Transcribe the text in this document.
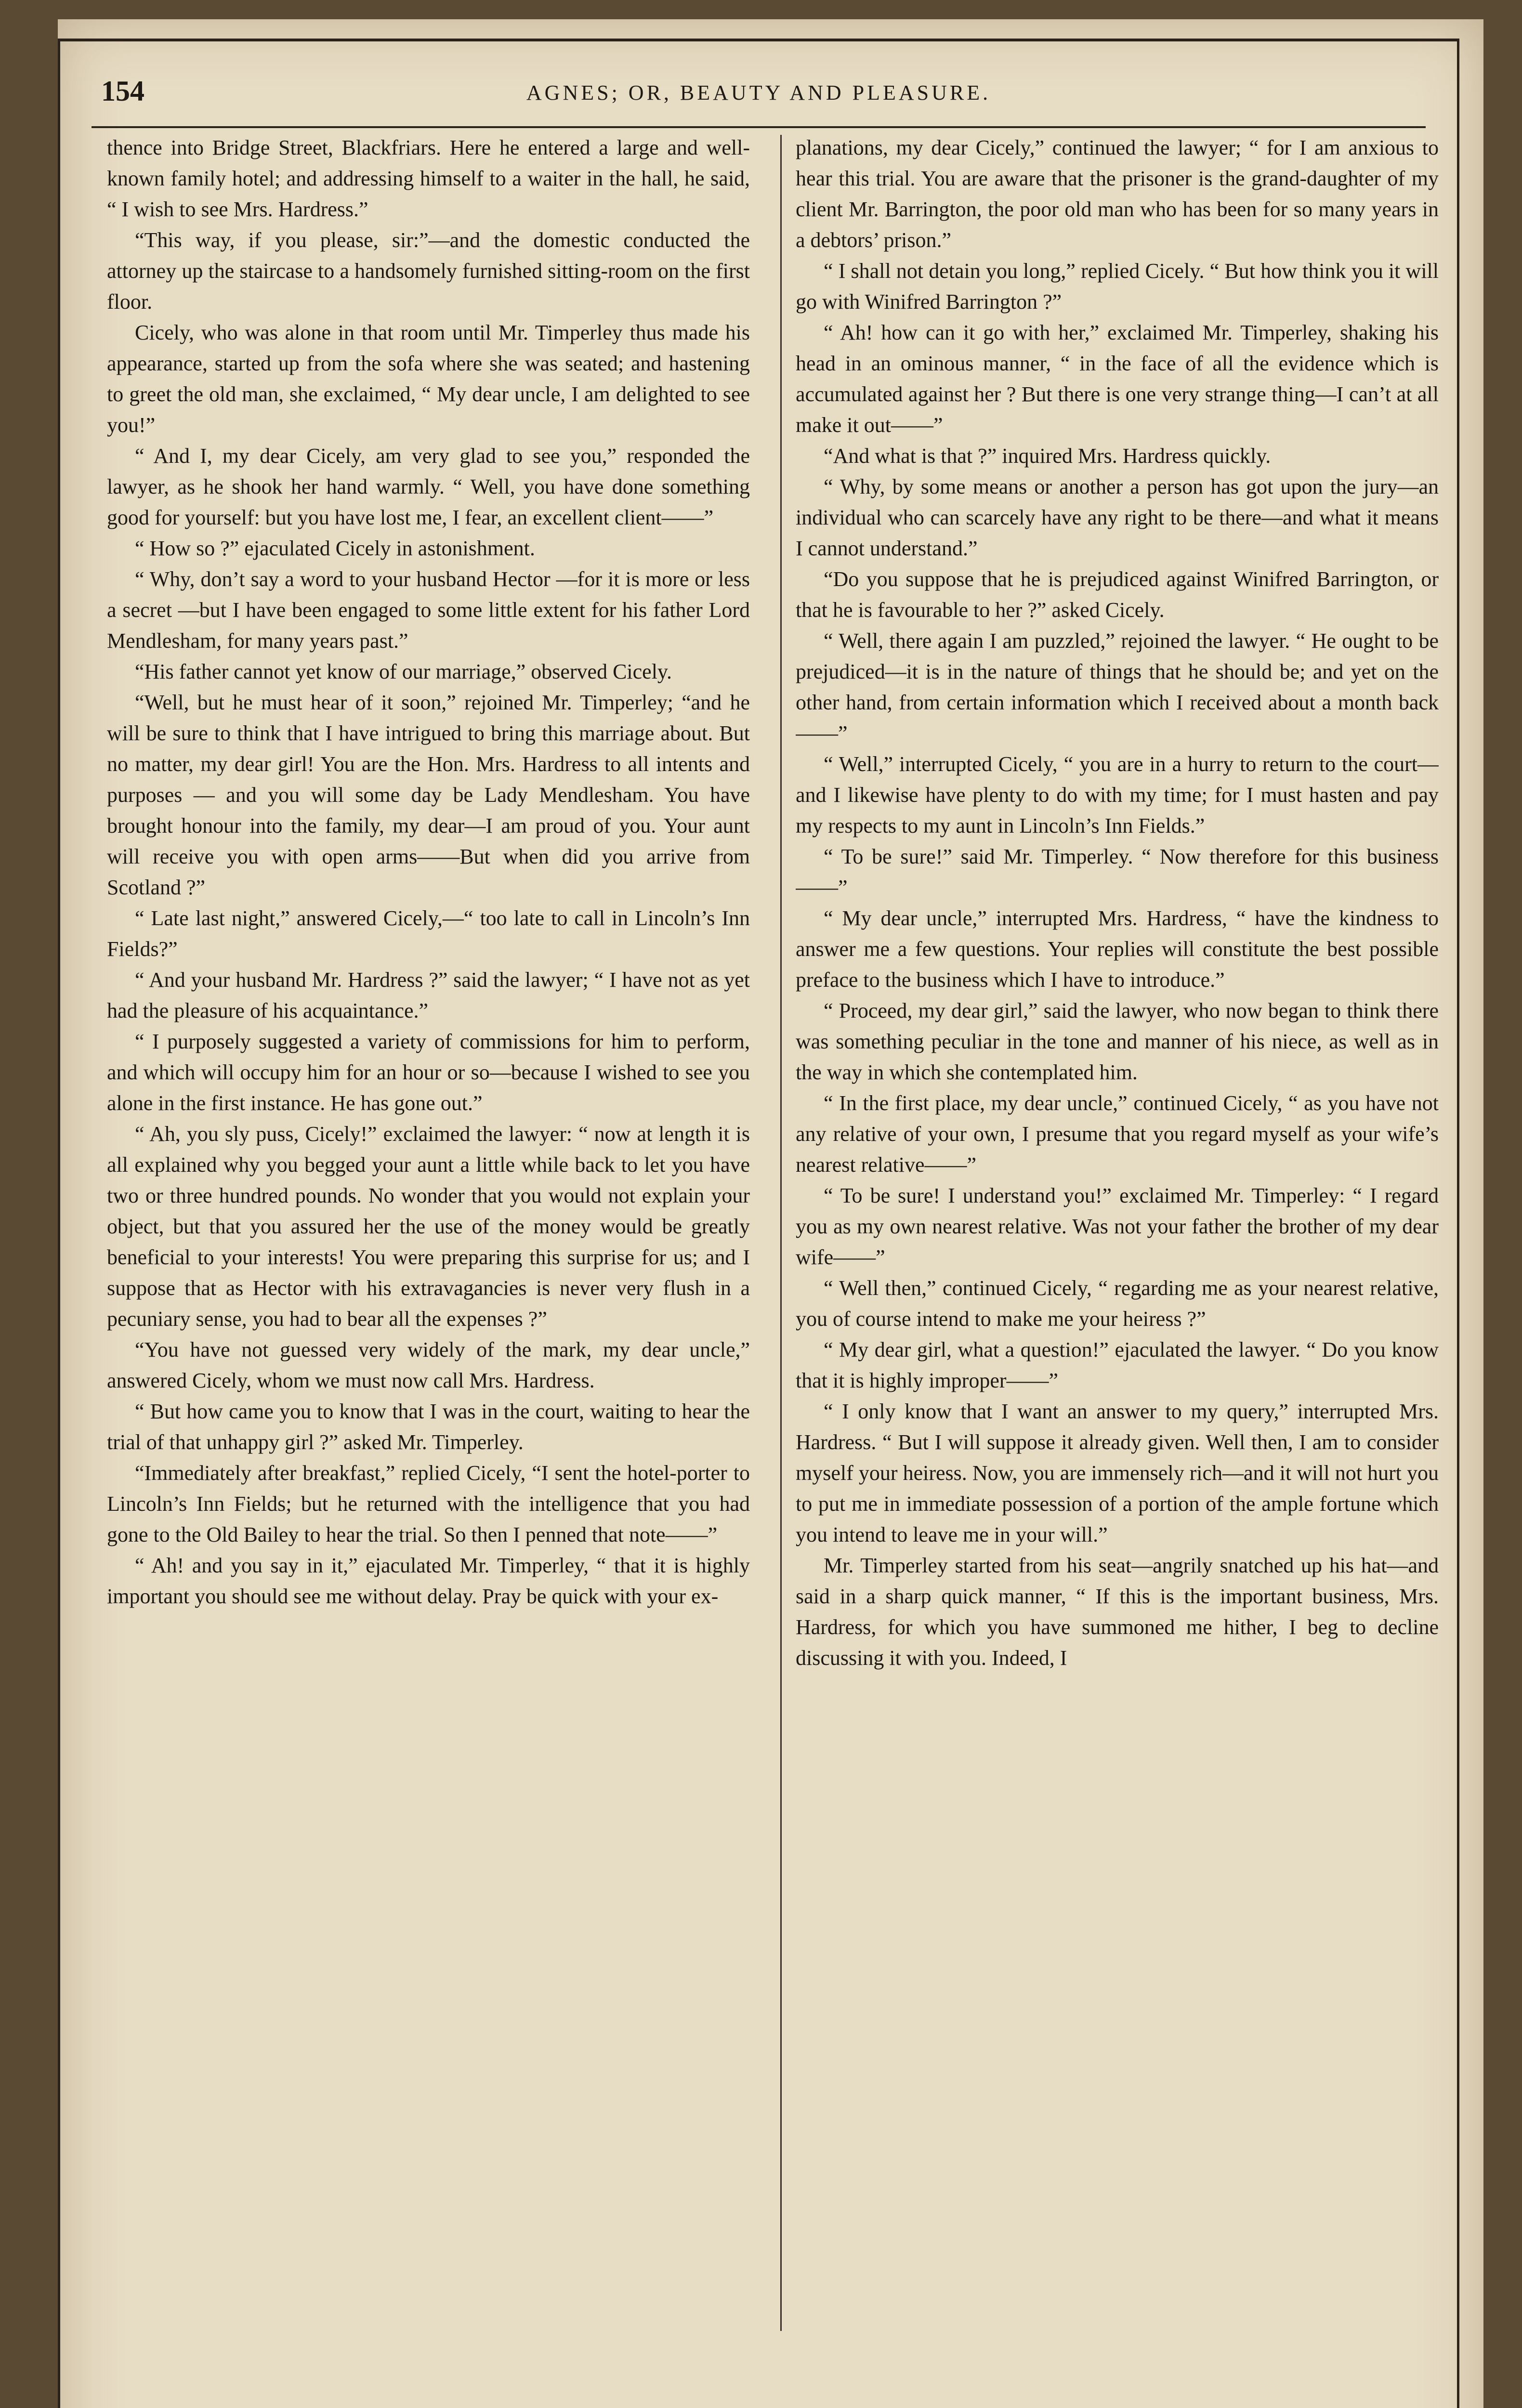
154	AGNES; OR, BEAUTY AND PLEASURE.

thence into Bridge Street, Blackfriars. Here he entered a large and well-known family hotel; and addressing himself to a waiter in the hall, he said, “ I wish to see Mrs. Hardress.”

“This way, if you please, sir:”—and the domestic conducted the attorney up the staircase to a handsomely furnished sitting-room on the first floor.

Cicely, who was alone in that room until Mr. Timperley thus made his appearance, started up from the sofa where she was seated; and hastening to greet the old man, she exclaimed, “ My dear uncle, I am delighted to see you!”

“ And I, my dear Cicely, am very glad to see you,” responded the lawyer, as he shook her hand warmly. “ Well, you have done something good for yourself: but you have lost me, I fear, an excellent client——”

“ How so ?” ejaculated Cicely in astonishment.

“ Why, don’t say a word to your husband Hector —for it is more or less a secret —but I have been engaged to some little extent for his father Lord Mendlesham, for many years past.”

“His father cannot yet know of our marriage,” observed Cicely.

“Well, but he must hear of it soon,” rejoined Mr. Timperley; “and he will be sure to think that I have intrigued to bring this marriage about. But no matter, my dear girl! You are the Hon. Mrs. Hardress to all intents and purposes — and you will some day be Lady Mendlesham. You have brought honour into the family, my dear—I am proud of you. Your aunt will receive you with open arms——But when did you arrive from Scotland ?”

“ Late last night,” answered Cicely,—“ too late to call in Lincoln’s Inn Fields?”

“ And your husband Mr. Hardress ?” said the lawyer; “ I have not as yet had the pleasure of his acquaintance.”

“ I purposely suggested a variety of commissions for him to perform, and which will occupy him for an hour or so—because I wished to see you alone in the first instance. He has gone out.”

“ Ah, you sly puss, Cicely!” exclaimed the lawyer: “ now at length it is all explained why you begged your aunt a little while back to let you have two or three hundred pounds. No wonder that you would not explain your object, but that you assured her the use of the money would be greatly beneficial to your interests! You were preparing this surprise for us; and I suppose that as Hector with his extravagancies is never very flush in a pecuniary sense, you had to bear all the expenses ?”

“You have not guessed very widely of the mark, my dear uncle,” answered Cicely, whom we must now call Mrs. Hardress.

“ But how came you to know that I was in the court, waiting to hear the trial of that unhappy girl ?” asked Mr. Timperley.

“Immediately after breakfast,” replied Cicely, “I sent the hotel-porter to Lincoln’s Inn Fields; but he returned with the intelligence that you had gone to the Old Bailey to hear the trial. So then I penned that note——”

“ Ah! and you say in it,” ejaculated Mr. Timperley, “ that it is highly important you should see me without delay. Pray be quick with your ex-

planations, my dear Cicely,” continued the lawyer; “ for I am anxious to hear this trial. You are aware that the prisoner is the grand-daughter of my client Mr. Barrington, the poor old man who has been for so many years in a debtors’ prison.”

“ I shall not detain you long,” replied Cicely. “ But how think you it will go with Winifred Barrington ?”

“ Ah! how can it go with her,” exclaimed Mr. Timperley, shaking his head in an ominous manner, “ in the face of all the evidence which is accumulated against her ? But there is one very strange thing—I can’t at all make it out——”

“And what is that ?” inquired Mrs. Hardress quickly.

“ Why, by some means or another a person has got upon the jury—an individual who can scarcely have any right to be there—and what it means I cannot understand.”

“Do you suppose that he is prejudiced against Winifred Barrington, or that he is favourable to her ?” asked Cicely.

“ Well, there again I am puzzled,” rejoined the lawyer. “ He ought to be prejudiced—it is in the nature of things that he should be; and yet on the other hand, from certain information which I received about a month back——”

“ Well,” interrupted Cicely, “ you are in a hurry to return to the court—and I likewise have plenty to do with my time; for I must hasten and pay my respects to my aunt in Lincoln’s Inn Fields.”

“ To be sure!” said Mr. Timperley. “ Now therefore for this business——”

“ My dear uncle,” interrupted Mrs. Hardress, “ have the kindness to answer me a few questions. Your replies will constitute the best possible preface to the business which I have to introduce.”

“ Proceed, my dear girl,” said the lawyer, who now began to think there was something peculiar in the tone and manner of his niece, as well as in the way in which she contemplated him.

“ In the first place, my dear uncle,” continued Cicely, “ as you have not any relative of your own, I presume that you regard myself as your wife’s nearest relative——”

“ To be sure! I understand you!” exclaimed Mr. Timperley: “ I regard you as my own nearest relative. Was not your father the brother of my dear wife——”

“ Well then,” continued Cicely, “ regarding me as your nearest relative, you of course intend to make me your heiress ?”

“ My dear girl, what a question!” ejaculated the lawyer. “ Do you know that it is highly improper——”

“ I only know that I want an answer to my query,” interrupted Mrs. Hardress. “ But I will suppose it already given. Well then, I am to consider myself your heiress. Now, you are immensely rich—and it will not hurt you to put me in immediate possession of a portion of the ample fortune which you intend to leave me in your will.”

Mr. Timperley started from his seat—angrily snatched up his hat—and said in a sharp quick manner, “ If this is the important business, Mrs. Hardress, for which you have summoned me hither, I beg to decline discussing it with you. Indeed, I
